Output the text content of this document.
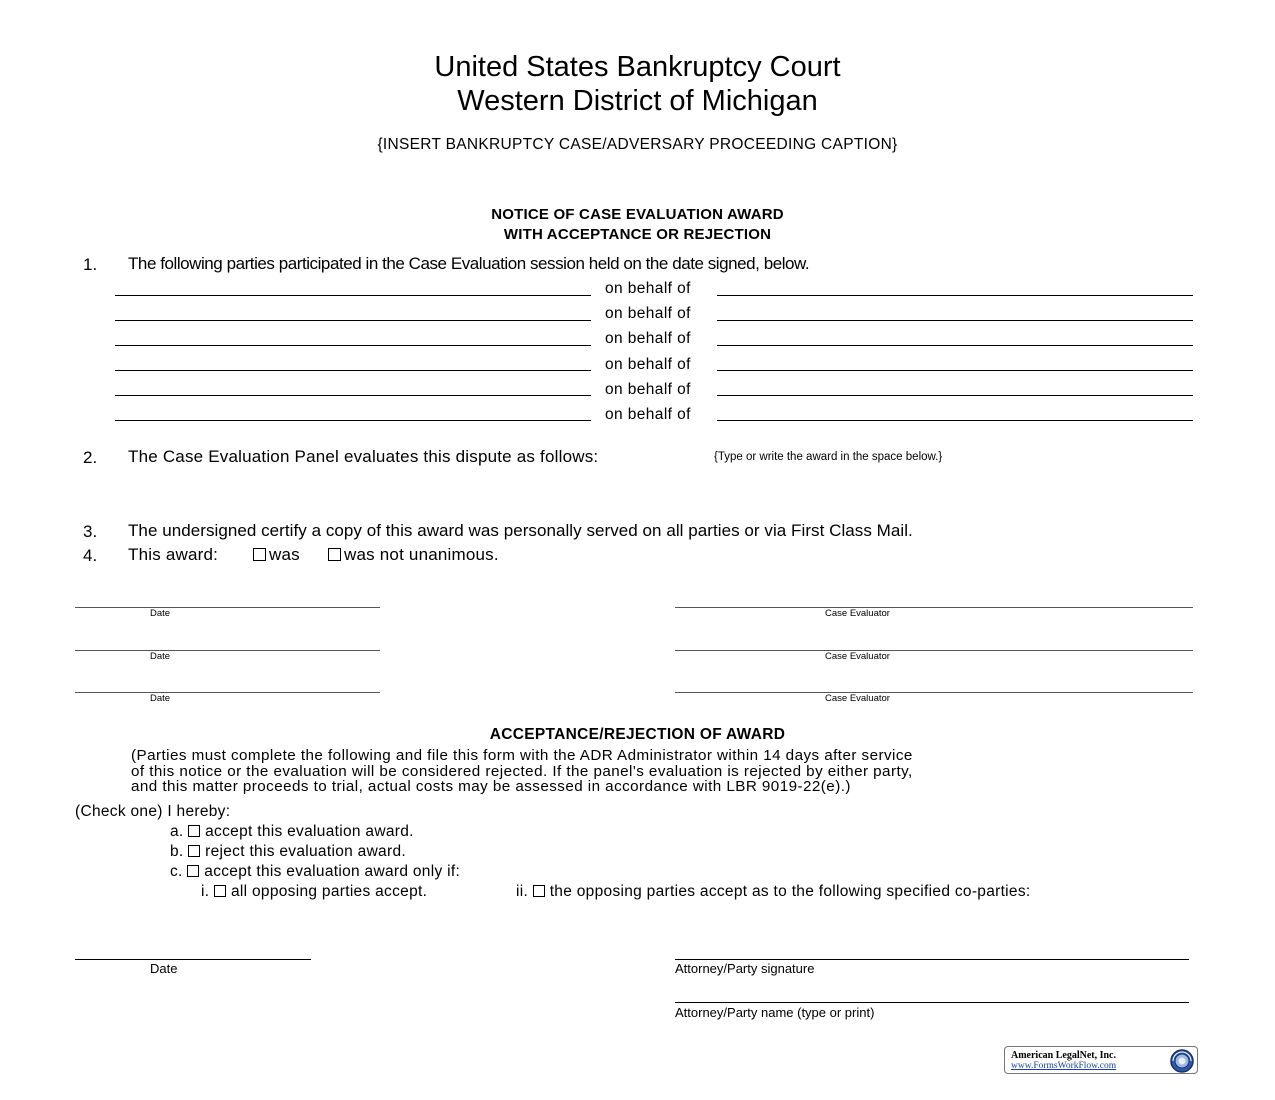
United States Bankruptcy Court
Western District of Michigan
{INSERT BANKRUPTCY CASE/ADVERSARY PROCEEDING CAPTION}
NOTICE OF CASE EVALUATION AWARD
WITH ACCEPTANCE OR REJECTION
1. The following parties participated in the Case Evaluation session held on the date signed, below.
on behalf of
on behalf of
on behalf of
on behalf of
on behalf of
on behalf of
2. The Case Evaluation Panel evaluates this dispute as follows:	{Type or write the award in the space below.}
3. The undersigned certify a copy of this award was personally served on all parties or via First Class Mail.
4. This award:	was	was not unanimous.
Date	Case Evaluator
Date	Case Evaluator
Date	Case Evaluator
ACCEPTANCE/REJECTION OF AWARD
(Parties must complete the following and file this form with the ADR Administrator within 14 days after service
of this notice or the evaluation will be considered rejected. If the panel's evaluation is rejected by either party,
and this matter proceeds to trial, actual costs may be assessed in accordance with LBR 9019-22(e).)
(Check one) I hereby:
a. accept this evaluation award.
b. reject this evaluation award.
c. accept this evaluation award only if:
i. all opposing parties accept.	ii. the opposing parties accept as to the following specified co-parties:
Date	Attorney/Party signature
Attorney/Party name (type or print)
American LegalNet, Inc.
www.FormsWorkFlow.com
